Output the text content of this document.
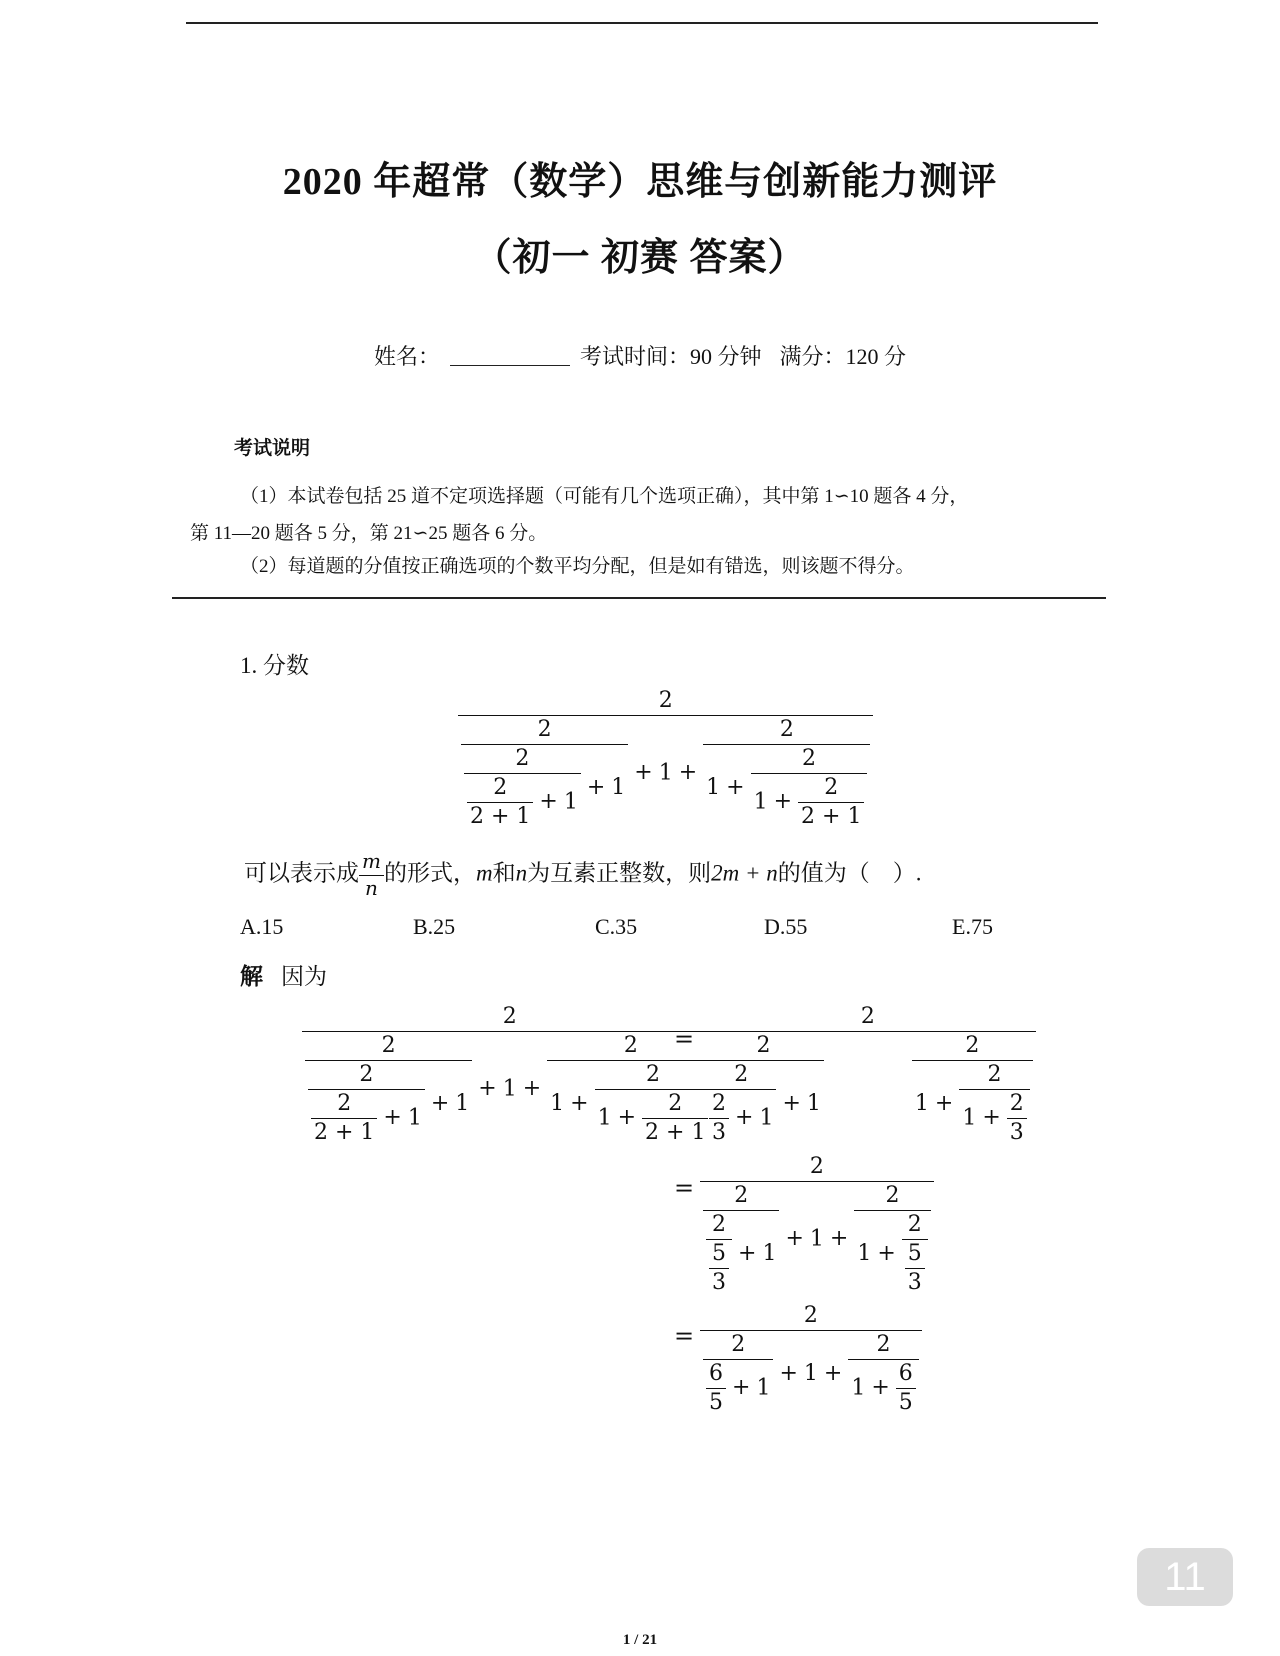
2020 年超常（数学）思维与创新能力测评
（初一 初赛 答案）
姓名：	考试时间：90 分钟 满分：120 分
考试说明
（1）本试卷包括 25 道不定项选择题（可能有几个选项正确），其中第 1∽10 题各 4 分，
第 11—20 题各 5 分，第 21∽25 题各 6 分。
（2）每道题的分值按正确选项的个数平均分配，但是如有错选，则该题不得分。
1. 分数
$\frac{2}{\frac{2}{\frac{2}{\frac{2}{2 + 1} + 1} + 1} + 1 + \frac{2}{1 + \frac{2}{1 + \frac{2}{2 + 1}}}}$
可以表示成 $\frac{m}{n}$ 的形式，m和n为互素正整数，则2m + n的值为（　）.
A.15	B.25	C.35	D.55	E.75
解 因为
$\frac{2}{\frac{2}{\frac{2}{\frac{2}{2 + 1} + 1} + 1} + 1 + \frac{2}{1 + \frac{2}{1 + \frac{2}{2 + 1}}}}$
= 2
$\frac{2}{\frac{2}{\frac{2}{3} + 1} + 1}$	$\frac{2}{1 + \frac{2}{1 + \frac{2}{3}}}$
= $\frac{2}{\frac{2}{\frac{2}{\frac{5}{3}} + 1} + 1 + \frac{2}{1 + \frac{2}{\frac{5}{3}}}}$
= $\frac{2}{\frac{2}{\frac{6}{5} + 1} + 1 + \frac{2}{1 + \frac{6}{5}}}$
11
1 / 21
